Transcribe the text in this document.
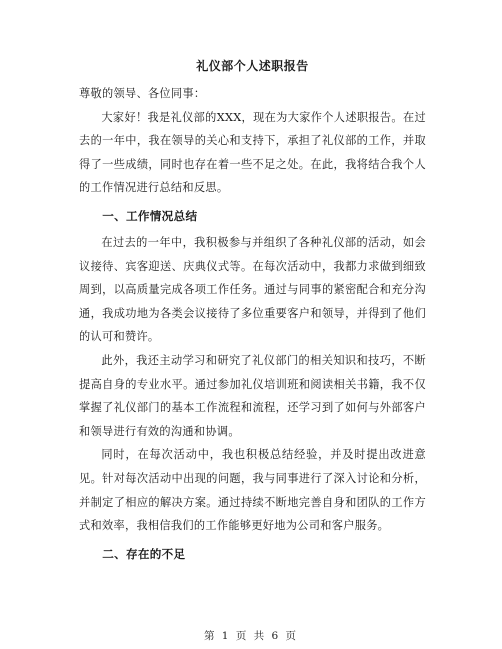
礼仪部个人述职报告

尊敬的领导、各位同事：

大家好！我是礼仪部的XXX，现在为大家作个人述职报告。在过去的一年中，我在领导的关心和支持下，承担了礼仪部的工作，并取得了一些成绩，同时也存在着一些不足之处。在此，我将结合我个人的工作情况进行总结和反思。

一、工作情况总结

在过去的一年中，我积极参与并组织了各种礼仪部的活动，如会议接待、宾客迎送、庆典仪式等。在每次活动中，我都力求做到细致周到，以高质量完成各项工作任务。通过与同事的紧密配合和充分沟通，我成功地为各类会议接待了多位重要客户和领导，并得到了他们的认可和赞许。

此外，我还主动学习和研究了礼仪部门的相关知识和技巧，不断提高自身的专业水平。通过参加礼仪培训班和阅读相关书籍，我不仅掌握了礼仪部门的基本工作流程和流程，还学习到了如何与外部客户和领导进行有效的沟通和协调。

同时，在每次活动中，我也积极总结经验，并及时提出改进意见。针对每次活动中出现的问题，我与同事进行了深入讨论和分析，并制定了相应的解决方案。通过持续不断地完善自身和团队的工作方式和效率，我相信我们的工作能够更好地为公司和客户服务。

二、存在的不足
第 1 页 共 6 页
